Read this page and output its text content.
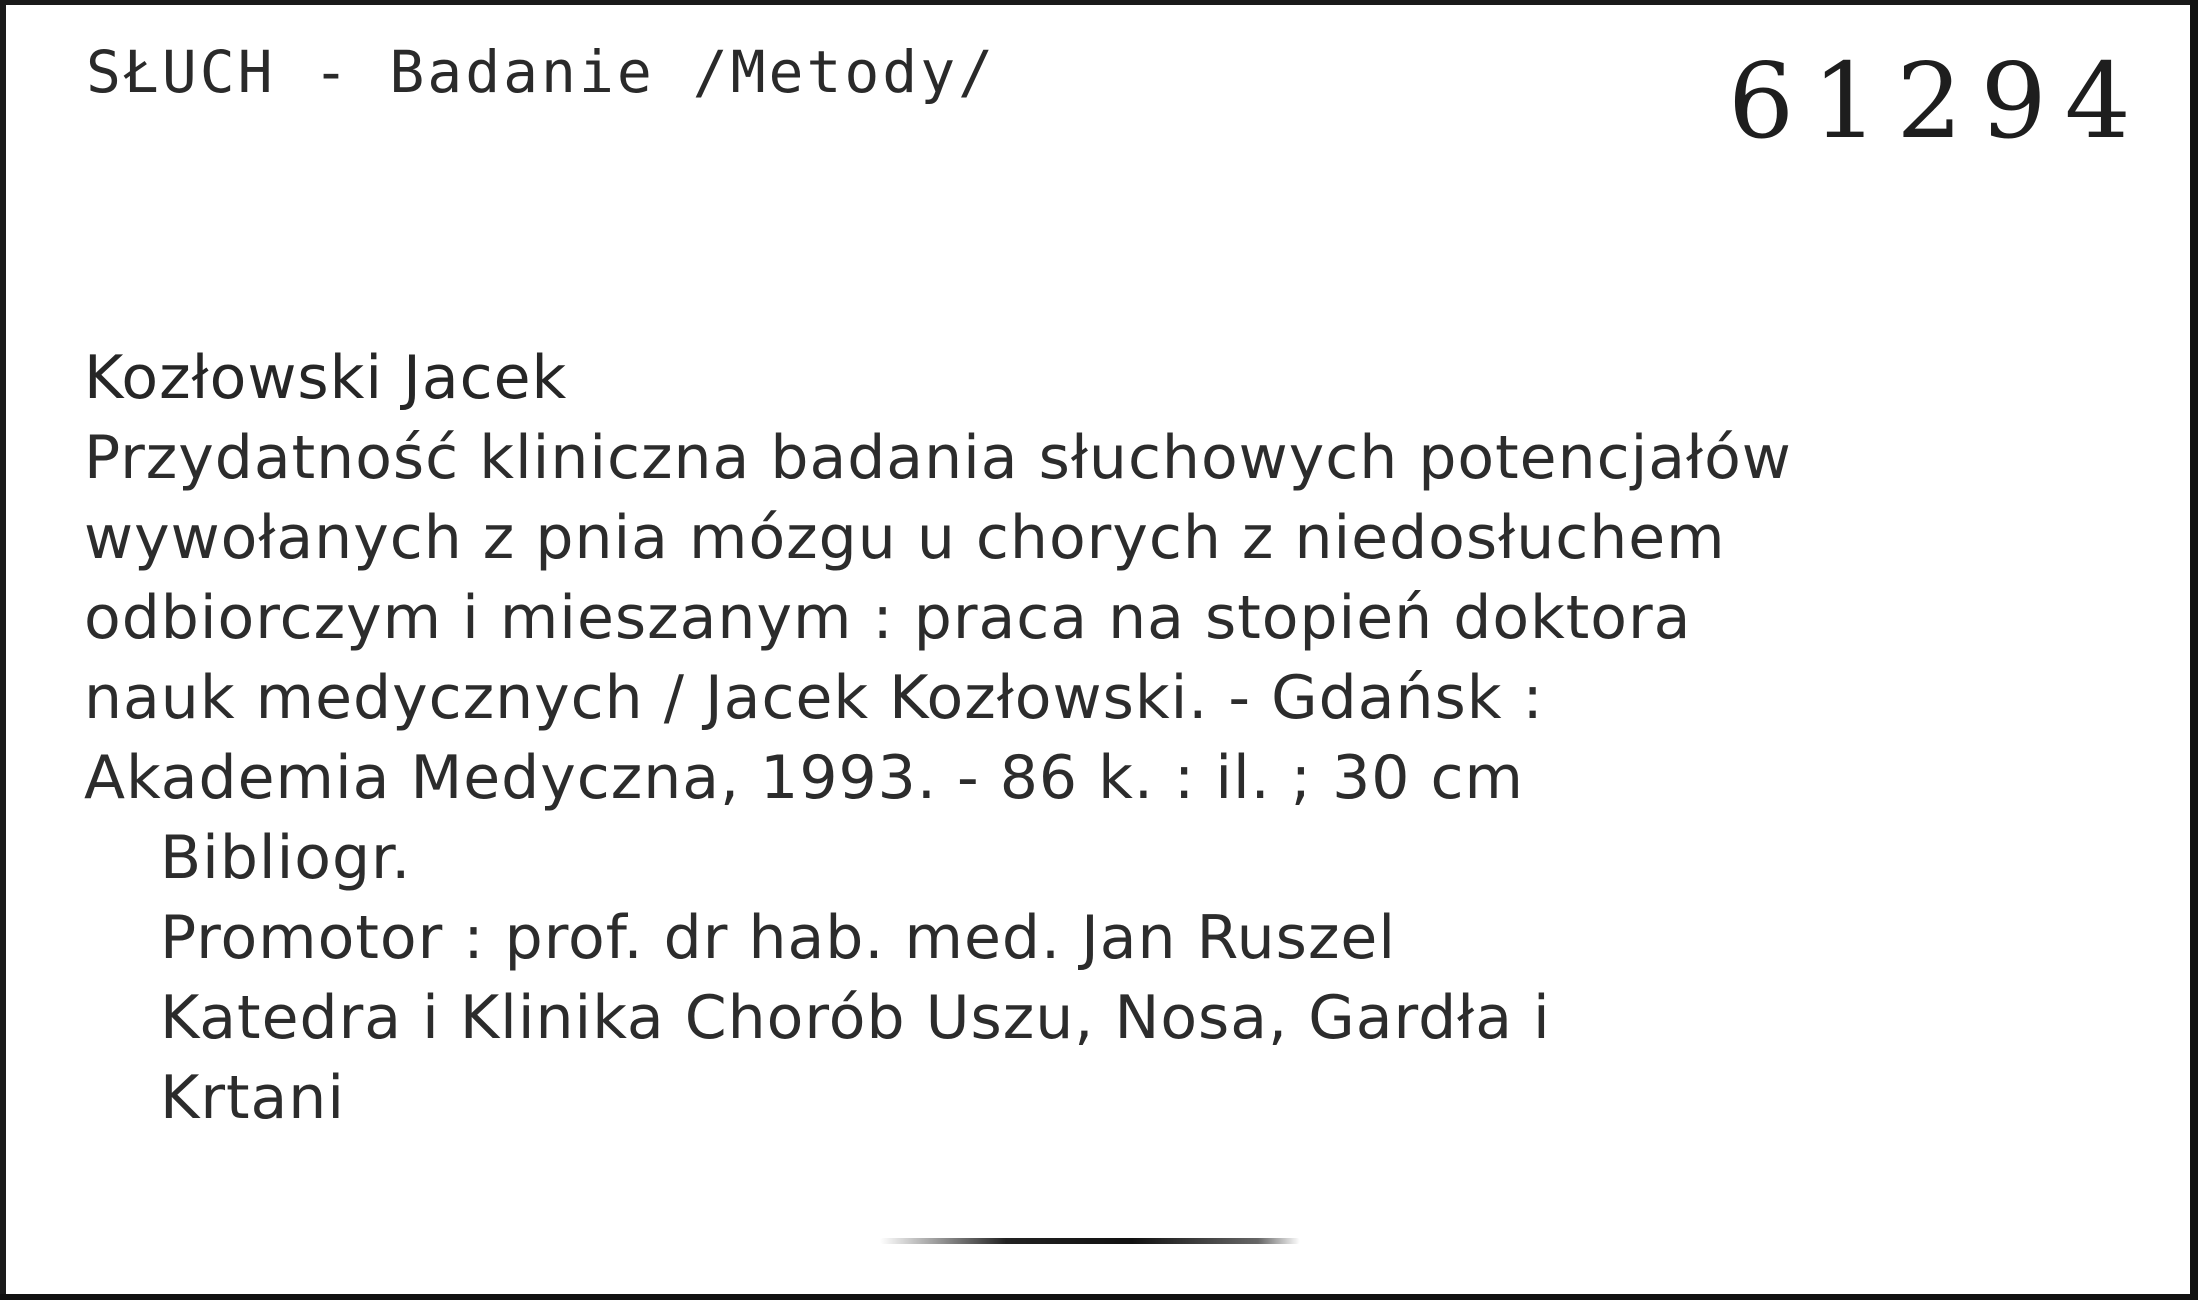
SŁUCH - Badanie /Metody/	61294
Kozłowski Jacek
Przydatność kliniczna badania słuchowych potencjałów
wywołanych z pnia mózgu u chorych z niedosłuchem
odbiorczym i mieszanym : praca na stopień doktora
nauk medycznych / Jacek Kozłowski. - Gdańsk :
Akademia Medyczna, 1993. - 86 k. : il. ; 30 cm
Bibliogr.
Promotor : prof. dr hab. med. Jan Ruszel
Katedra i Klinika Chorób Uszu, Nosa, Gardła i
Krtani
